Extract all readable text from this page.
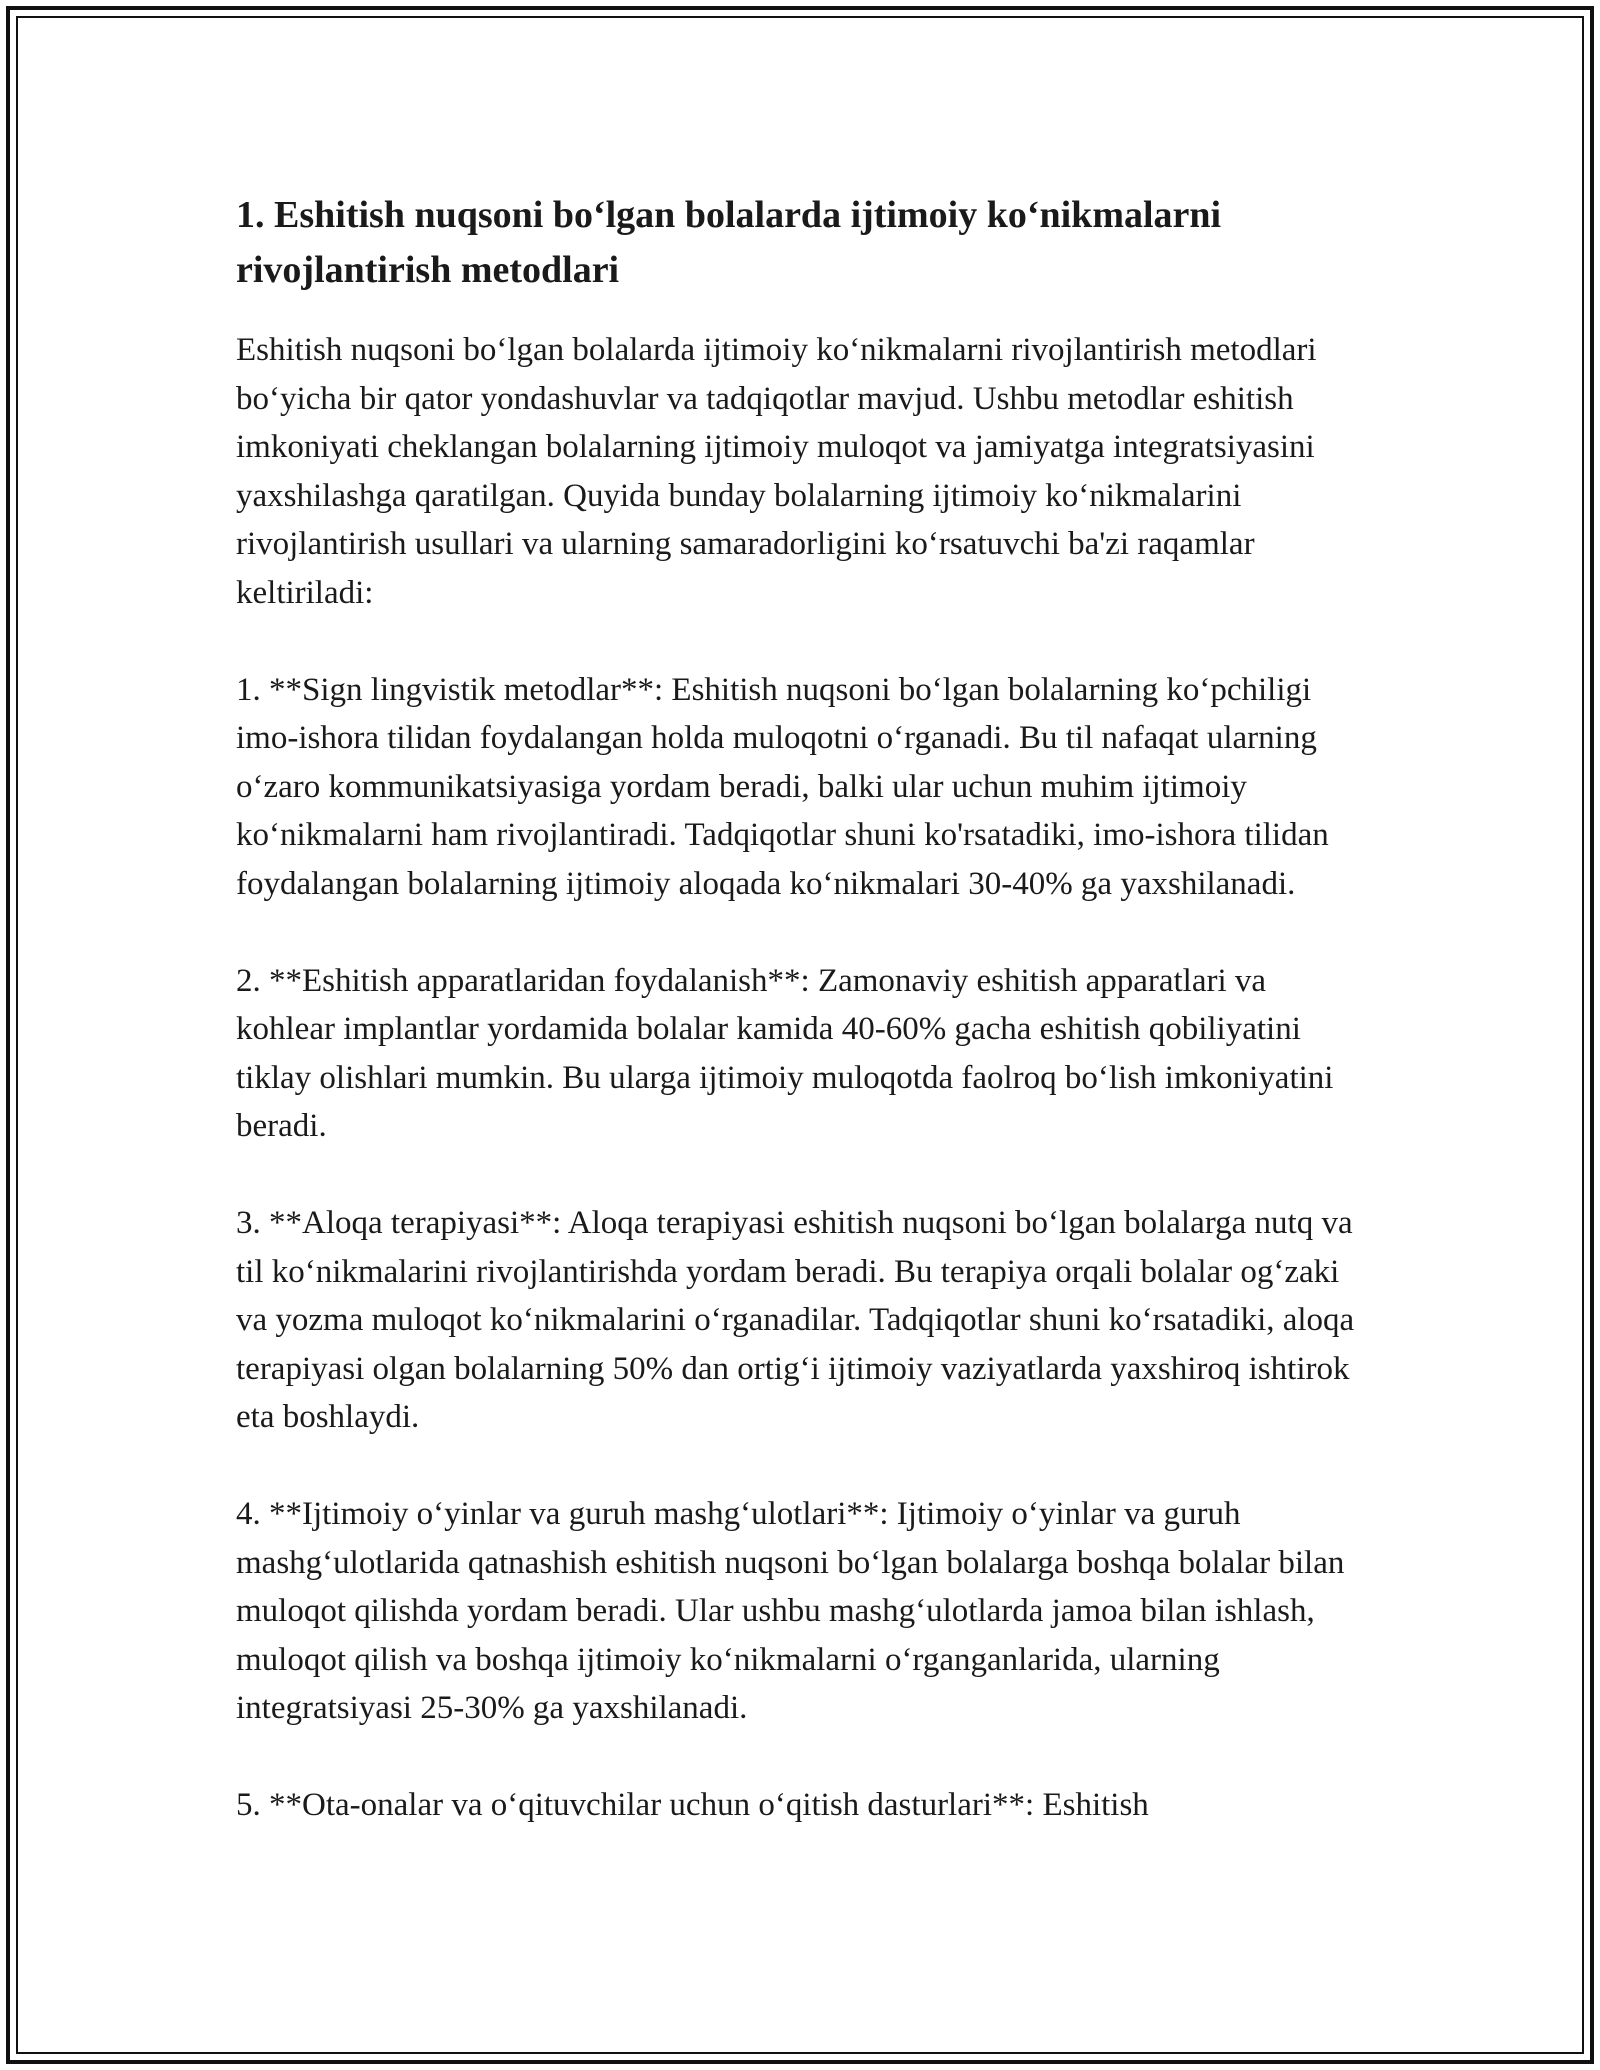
1. Eshitish nuqsoni bo‘lgan bolalarda ijtimoiy ko‘nikmalarni rivojlantirish metodlari

Eshitish nuqsoni bo‘lgan bolalarda ijtimoiy ko‘nikmalarni rivojlantirish metodlari bo‘yicha bir qator yondashuvlar va tadqiqotlar mavjud. Ushbu metodlar eshitish imkoniyati cheklangan bolalarning ijtimoiy muloqot va jamiyatga integratsiyasini yaxshilashga qaratilgan. Quyida bunday bolalarning ijtimoiy ko‘nikmalarini rivojlantirish usullari va ularning samaradorligini ko‘rsatuvchi ba'zi raqamlar keltiriladi:

1. **Sign lingvistik metodlar**: Eshitish nuqsoni bo‘lgan bolalarning ko‘pchiligi imo-ishora tilidan foydalangan holda muloqotni o‘rganadi. Bu til nafaqat ularning o‘zaro kommunikatsiyasiga yordam beradi, balki ular uchun muhim ijtimoiy ko‘nikmalarni ham rivojlantiradi. Tadqiqotlar shuni ko'rsatadiki, imo-ishora tilidan foydalangan bolalarning ijtimoiy aloqada ko‘nikmalari 30-40% ga yaxshilanadi.

2. **Eshitish apparatlaridan foydalanish**: Zamonaviy eshitish apparatlari va kohlear implantlar yordamida bolalar kamida 40-60% gacha eshitish qobiliyatini tiklay olishlari mumkin. Bu ularga ijtimoiy muloqotda faolroq bo‘lish imkoniyatini beradi.

3. **Aloqa terapiyasi**: Aloqa terapiyasi eshitish nuqsoni bo‘lgan bolalarga nutq va til ko‘nikmalarini rivojlantirishda yordam beradi. Bu terapiya orqali bolalar og‘zaki va yozma muloqot ko‘nikmalarini o‘rganadilar. Tadqiqotlar shuni ko‘rsatadiki, aloqa terapiyasi olgan bolalarning 50% dan ortig‘i ijtimoiy vaziyatlarda yaxshiroq ishtirok eta boshlaydi.

4. **Ijtimoiy o‘yinlar va guruh mashg‘ulotlari**: Ijtimoiy o‘yinlar va guruh mashg‘ulotlarida qatnashish eshitish nuqsoni bo‘lgan bolalarga boshqa bolalar bilan muloqot qilishda yordam beradi. Ular ushbu mashg‘ulotlarda jamoa bilan ishlash, muloqot qilish va boshqa ijtimoiy ko‘nikmalarni o‘rganganlarida, ularning integratsiyasi 25-30% ga yaxshilanadi.

5. **Ota-onalar va o‘qituvchilar uchun o‘qitish dasturlari**: Eshitish
